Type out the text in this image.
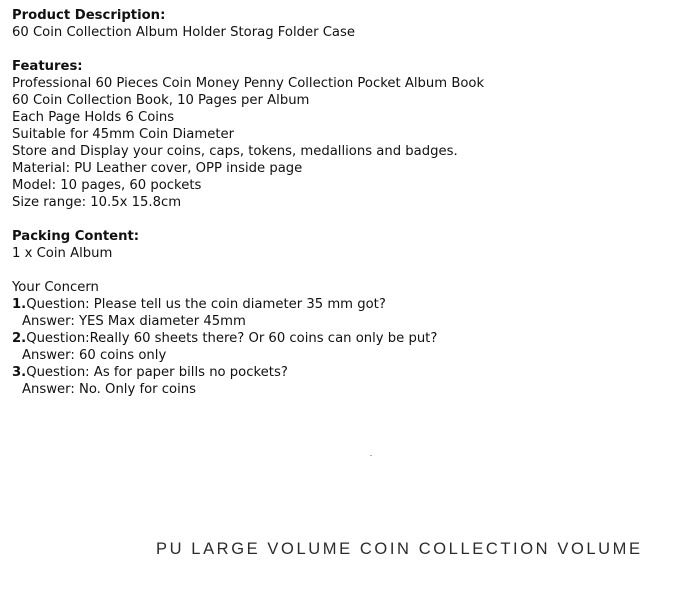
Product Description:
60 Coin Collection Album Holder Storag Folder Case
Features:
Professional 60 Pieces Coin Money Penny Collection Pocket Album Book
60 Coin Collection Book, 10 Pages per Album
Each Page Holds 6 Coins
Suitable for 45mm Coin Diameter
Store and Display your coins, caps, tokens, medallions and badges.
Material: PU Leather cover, OPP inside page
Model: 10 pages, 60 pockets
Size range: 10.5x 15.8cm
Packing Content:
1 x Coin Album
Your Concern
1.Question: Please tell us the coin diameter 35 mm got?
Answer: YES Max diameter 45mm
2.Question:Really 60 sheets there? Or 60 coins can only be put?
Answer: 60 coins only
3.Question: As for paper bills no pockets?
Answer: No. Only for coins
PU LARGE VOLUME COIN COLLECTION VOLUME
